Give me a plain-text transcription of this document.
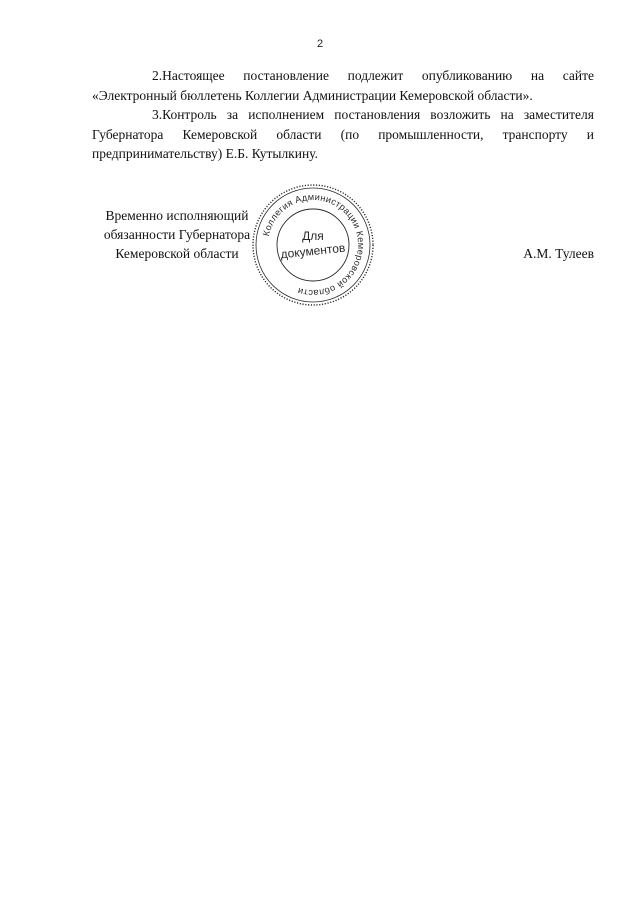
2

2.Настоящее постановление подлежит опубликованию на сайте «Электронный бюллетень Коллегии Администрации Кемеровской области».

3.Контроль за исполнением постановления возложить на заместителя Губернатора Кемеровской области (по промышленности, транспорту и предпринимательству) Е.Б. Кутылкину.

Временно исполняющий
обязанности Губернатора
Кемеровской области
Коллегия Администрации Кемеровской области
Для
документов	А.М. Тулеев
